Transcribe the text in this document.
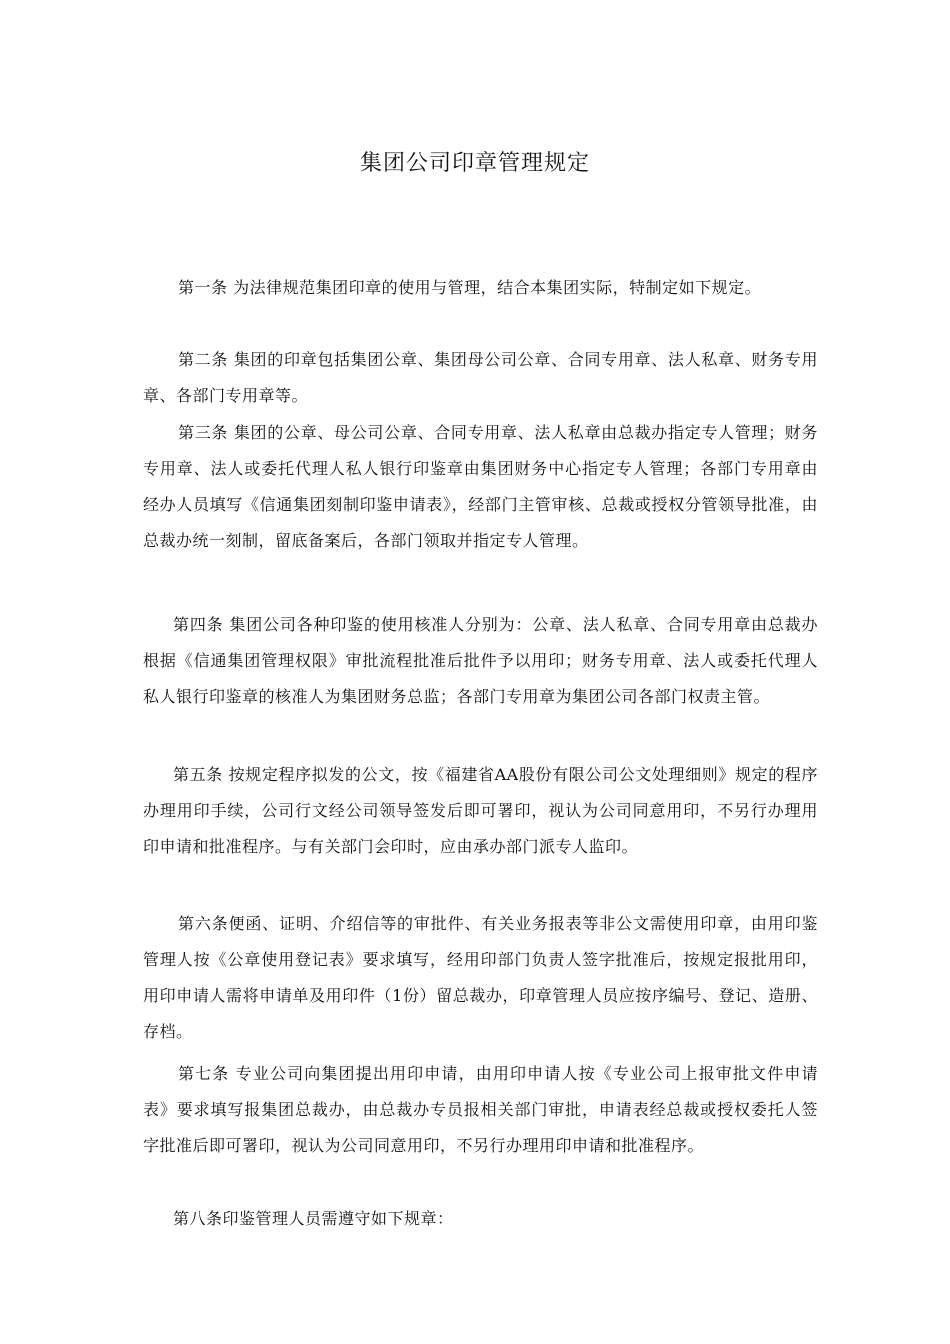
集团公司印章管理规定

第一条 为法律规范集团印章的使用与管理，结合本集团实际，特制定如下规定。

第二条 集团的印章包括集团公章、集团母公司公章、合同专用章、法人私章、财务专用章、各部门专用章等。

第三条 集团的公章、母公司公章、合同专用章、法人私章由总裁办指定专人管理；财务专用章、法人或委托代理人私人银行印鉴章由集团财务中心指定专人管理；各部门专用章由经办人员填写《信通集团刻制印鉴申请表》，经部门主管审核、总裁或授权分管领导批准，由总裁办统一刻制，留底备案后，各部门领取并指定专人管理。

第四条 集团公司各种印鉴的使用核准人分别为：公章、法人私章、合同专用章由总裁办根据《信通集团管理权限》审批流程批准后批件予以用印；财务专用章、法人或委托代理人私人银行印鉴章的核准人为集团财务总监；各部门专用章为集团公司各部门权责主管。

第五条 按规定程序拟发的公文，按《福建省AA股份有限公司公文处理细则》规定的程序办理用印手续，公司行文经公司领导签发后即可署印，视认为公司同意用印，不另行办理用印申请和批准程序。与有关部门会印时，应由承办部门派专人监印。

第六条便函、证明、介绍信等的审批件、有关业务报表等非公文需使用印章，由用印鉴管理人按《公章使用登记表》要求填写，经用印部门负责人签字批准后，按规定报批用印，用印申请人需将申请单及用印件（1份）留总裁办，印章管理人员应按序编号、登记、造册、存档。

第七条 专业公司向集团提出用印申请，由用印申请人按《专业公司上报审批文件申请表》要求填写报集团总裁办，由总裁办专员报相关部门审批，申请表经总裁或授权委托人签字批准后即可署印，视认为公司同意用印，不另行办理用印申请和批准程序。

第八条印鉴管理人员需遵守如下规章：
